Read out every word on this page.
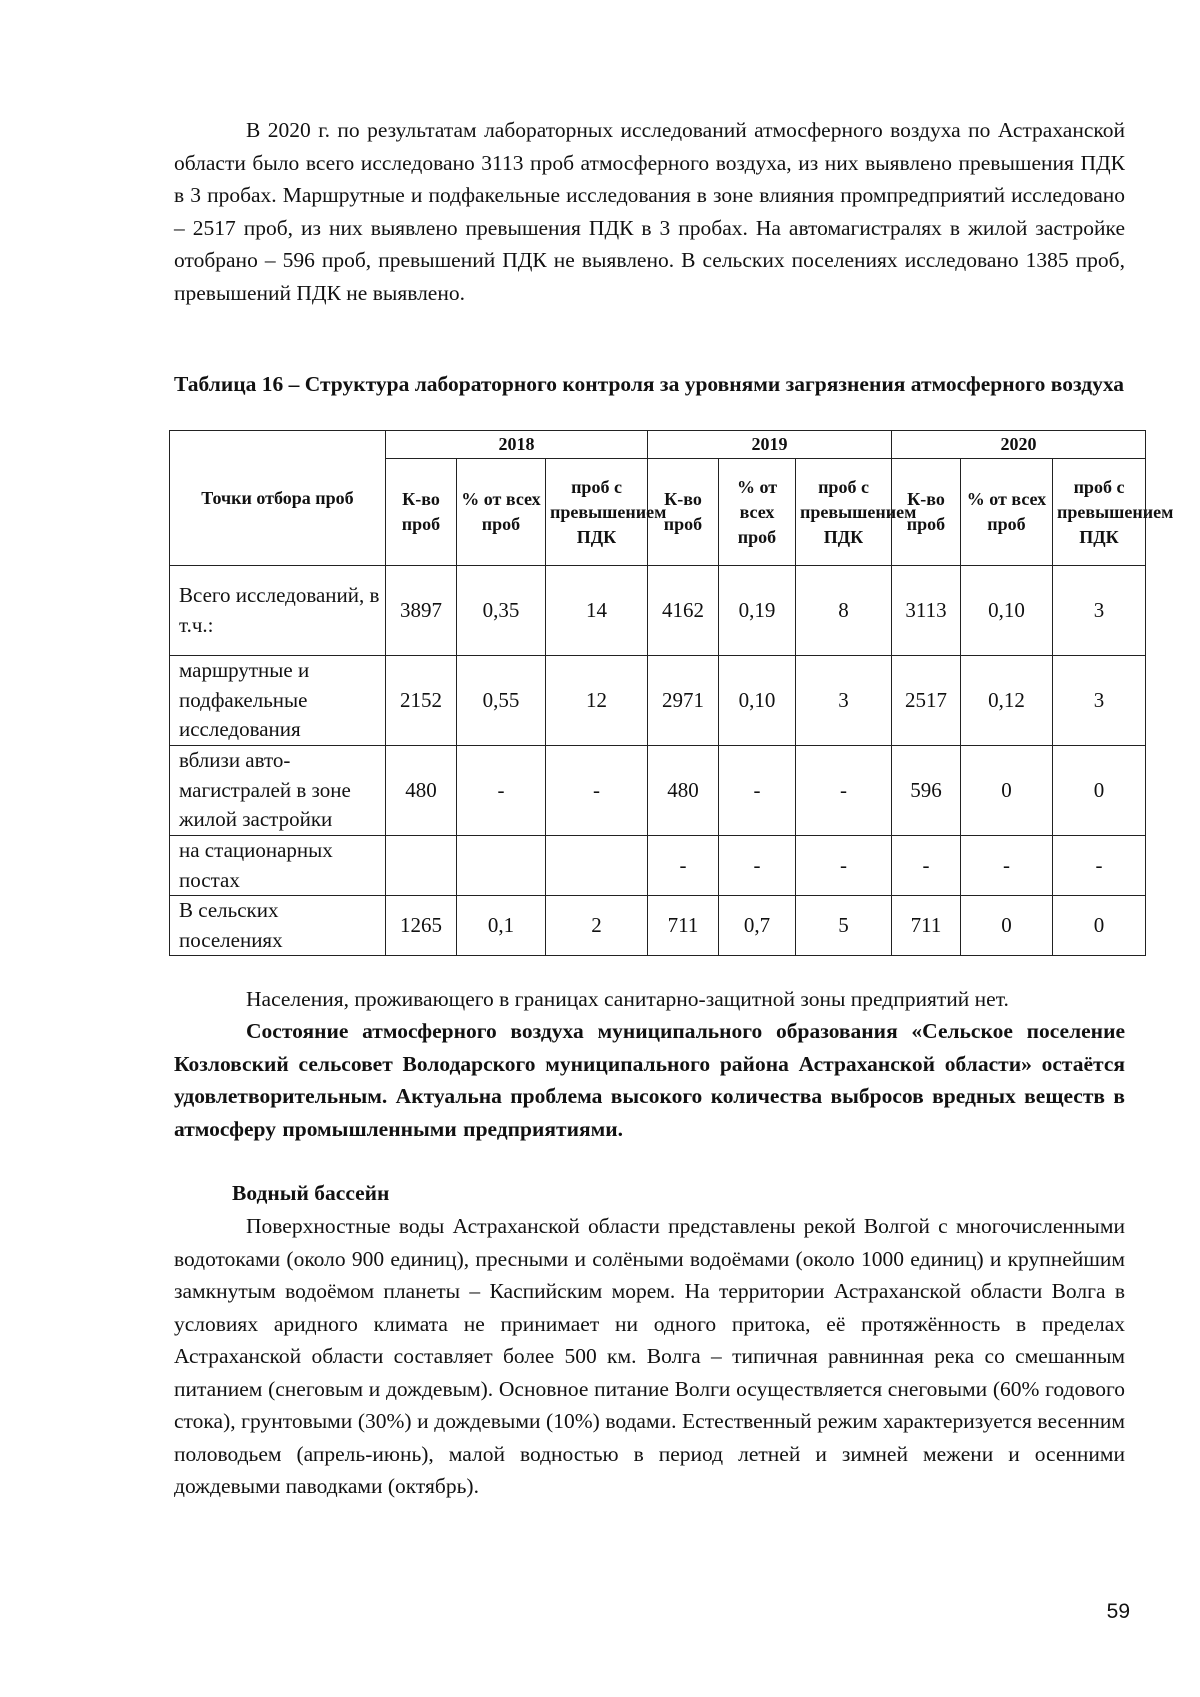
В 2020 г. по результатам лабораторных исследований атмосферного воздуха по Астраханской области было всего исследовано 3113 проб атмосферного воздуха, из них выявлено превышения ПДК в 3 пробах. Маршрутные и подфакельные исследования в зоне влияния промпредприятий исследовано – 2517 проб, из них выявлено превышения ПДК в 3 пробах. На автомагистралях в жилой застройке отобрано – 596 проб, превышений ПДК не выявлено. В сельских поселениях исследовано 1385 проб, превышений ПДК не выявлено.

Таблица 16 – Структура лабораторного контроля за уровнями загрязнения атмосферного воздуха

Точки отбора проб	2018			2019			2020		
	К-во проб	% от всех проб	проб с превышением ПДК	К-во проб	% от всех проб	проб с превышением ПДК	К-во проб	% от всех проб	проб с превышением ПДК
Всего исследований, в т.ч.:	3897	0,35	14	4162	0,19	8	3113	0,10	3
маршрутные и подфакельные исследования	2152	0,55	12	2971	0,10	3	2517	0,12	3
вблизи авто-магистралей в зоне жилой застройки	480	-	-	480	-	-	596	0	0
на стационарных постах				-	-	-	-	-	-
В сельских поселениях	1265	0,1	2	711	0,7	5	711	0	0

Населения, проживающего в границах санитарно-защитной зоны предприятий нет.

Состояние атмосферного воздуха муниципального образования «Сельское поселение Козловский сельсовет Володарского муниципального района Астраханской области» остаётся удовлетворительным. Актуальна проблема высокого количества выбросов вредных веществ в атмосферу промышленными предприятиями.

Водный бассейн

Поверхностные воды Астраханской области представлены рекой Волгой с многочисленными водотоками (около 900 единиц), пресными и солёными водоёмами (около 1000 единиц) и крупнейшим замкнутым водоёмом планеты – Каспийским морем. На территории Астраханской области Волга в условиях аридного климата не принимает ни одного притока, её протяжённость в пределах Астраханской области составляет более 500 км. Волга – типичная равнинная река со смешанным питанием (снеговым и дождевым). Основное питание Волги осуществляется снеговыми (60% годового стока), грунтовыми (30%) и дождевыми (10%) водами. Естественный режим характеризуется весенним половодьем (апрель-июнь), малой водностью в период летней и зимней межени и осенними дождевыми паводками (октябрь).

59
